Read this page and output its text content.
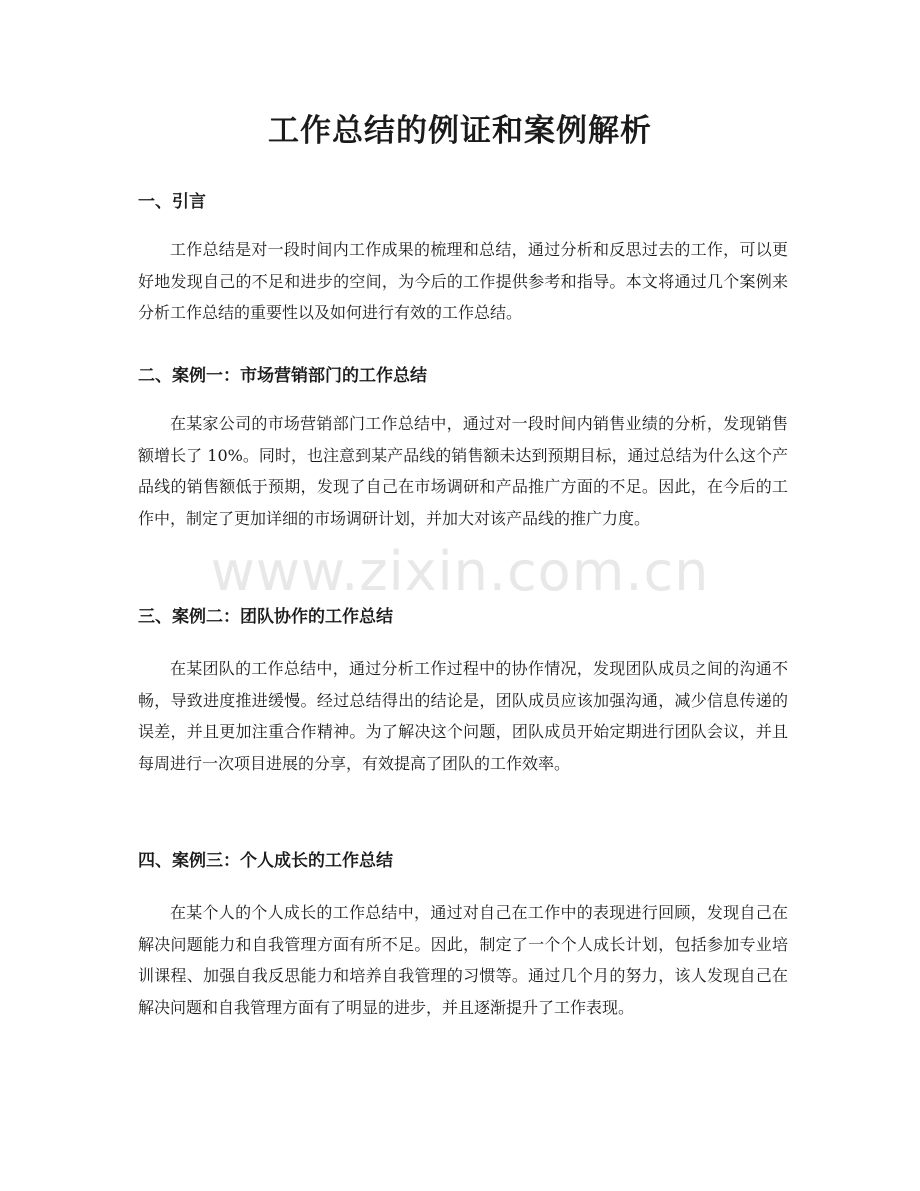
工作总结的例证和案例解析
一、引言

工作总结是对一段时间内工作成果的梳理和总结，通过分析和反思过去的工作，可以更好地发现自己的不足和进步的空间，为今后的工作提供参考和指导。本文将通过几个案例来分析工作总结的重要性以及如何进行有效的工作总结。

二、案例一：市场营销部门的工作总结

在某家公司的市场营销部门工作总结中，通过对一段时间内销售业绩的分析，发现销售额增长了 10%。同时，也注意到某产品线的销售额未达到预期目标，通过总结为什么这个产品线的销售额低于预期，发现了自己在市场调研和产品推广方面的不足。因此，在今后的工作中，制定了更加详细的市场调研计划，并加大对该产品线的推广力度。

三、案例二：团队协作的工作总结

在某团队的工作总结中，通过分析工作过程中的协作情况，发现团队成员之间的沟通不畅，导致进度推进缓慢。经过总结得出的结论是，团队成员应该加强沟通，减少信息传递的误差，并且更加注重合作精神。为了解决这个问题，团队成员开始定期进行团队会议，并且每周进行一次项目进展的分享，有效提高了团队的工作效率。

四、案例三：个人成长的工作总结

在某个人的个人成长的工作总结中，通过对自己在工作中的表现进行回顾，发现自己在解决问题能力和自我管理方面有所不足。因此，制定了一个个人成长计划，包括参加专业培训课程、加强自我反思能力和培养自我管理的习惯等。通过几个月的努力，该人发现自己在解决问题和自我管理方面有了明显的进步，并且逐渐提升了工作表现。

www.zixin.com.cn
